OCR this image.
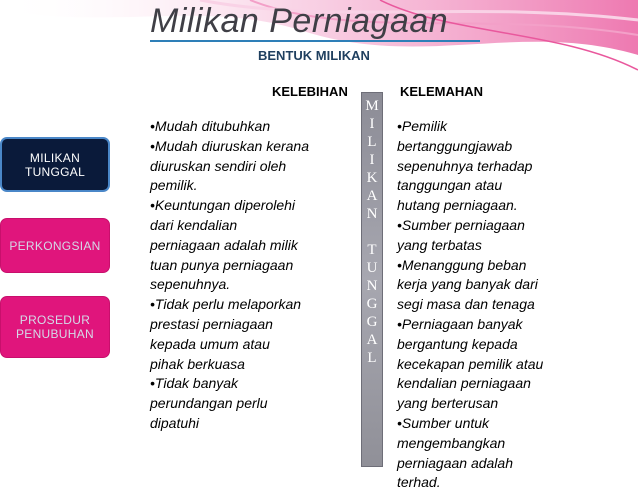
Milikan Perniagaan
BENTUK MILIKAN
KELEBIHAN	KELEMAHAN
MILIKAN
TUNGGAL
PERKONGSIAN
PROSEDUR
PENUBUHAN
•Mudah ditubuhkan
•Mudah diuruskan kerana
diuruskan sendiri oleh
pemilik.
•Keuntungan diperolehi
dari kendalian
perniagaan adalah milik
tuan punya perniagaan
sepenuhnya.
•Tidak perlu melaporkan
prestasi perniagaan
kepada umum atau
pihak berkuasa
•Tidak banyak
perundangan perlu
dipatuhi
M
I
L
I
K
A
N
T
U
N
G
G
A
L
•Pemilik
bertanggungjawab
sepenuhnya terhadap
tanggungan atau
hutang perniagaan.
•Sumber perniagaan
yang terbatas
•Menanggung beban
kerja yang banyak dari
segi masa dan tenaga
•Perniagaan banyak
bergantung kepada
kecekapan pemilik atau
kendalian perniagaan
yang berterusan
•Sumber untuk
mengembangkan
perniagaan adalah
terhad.
